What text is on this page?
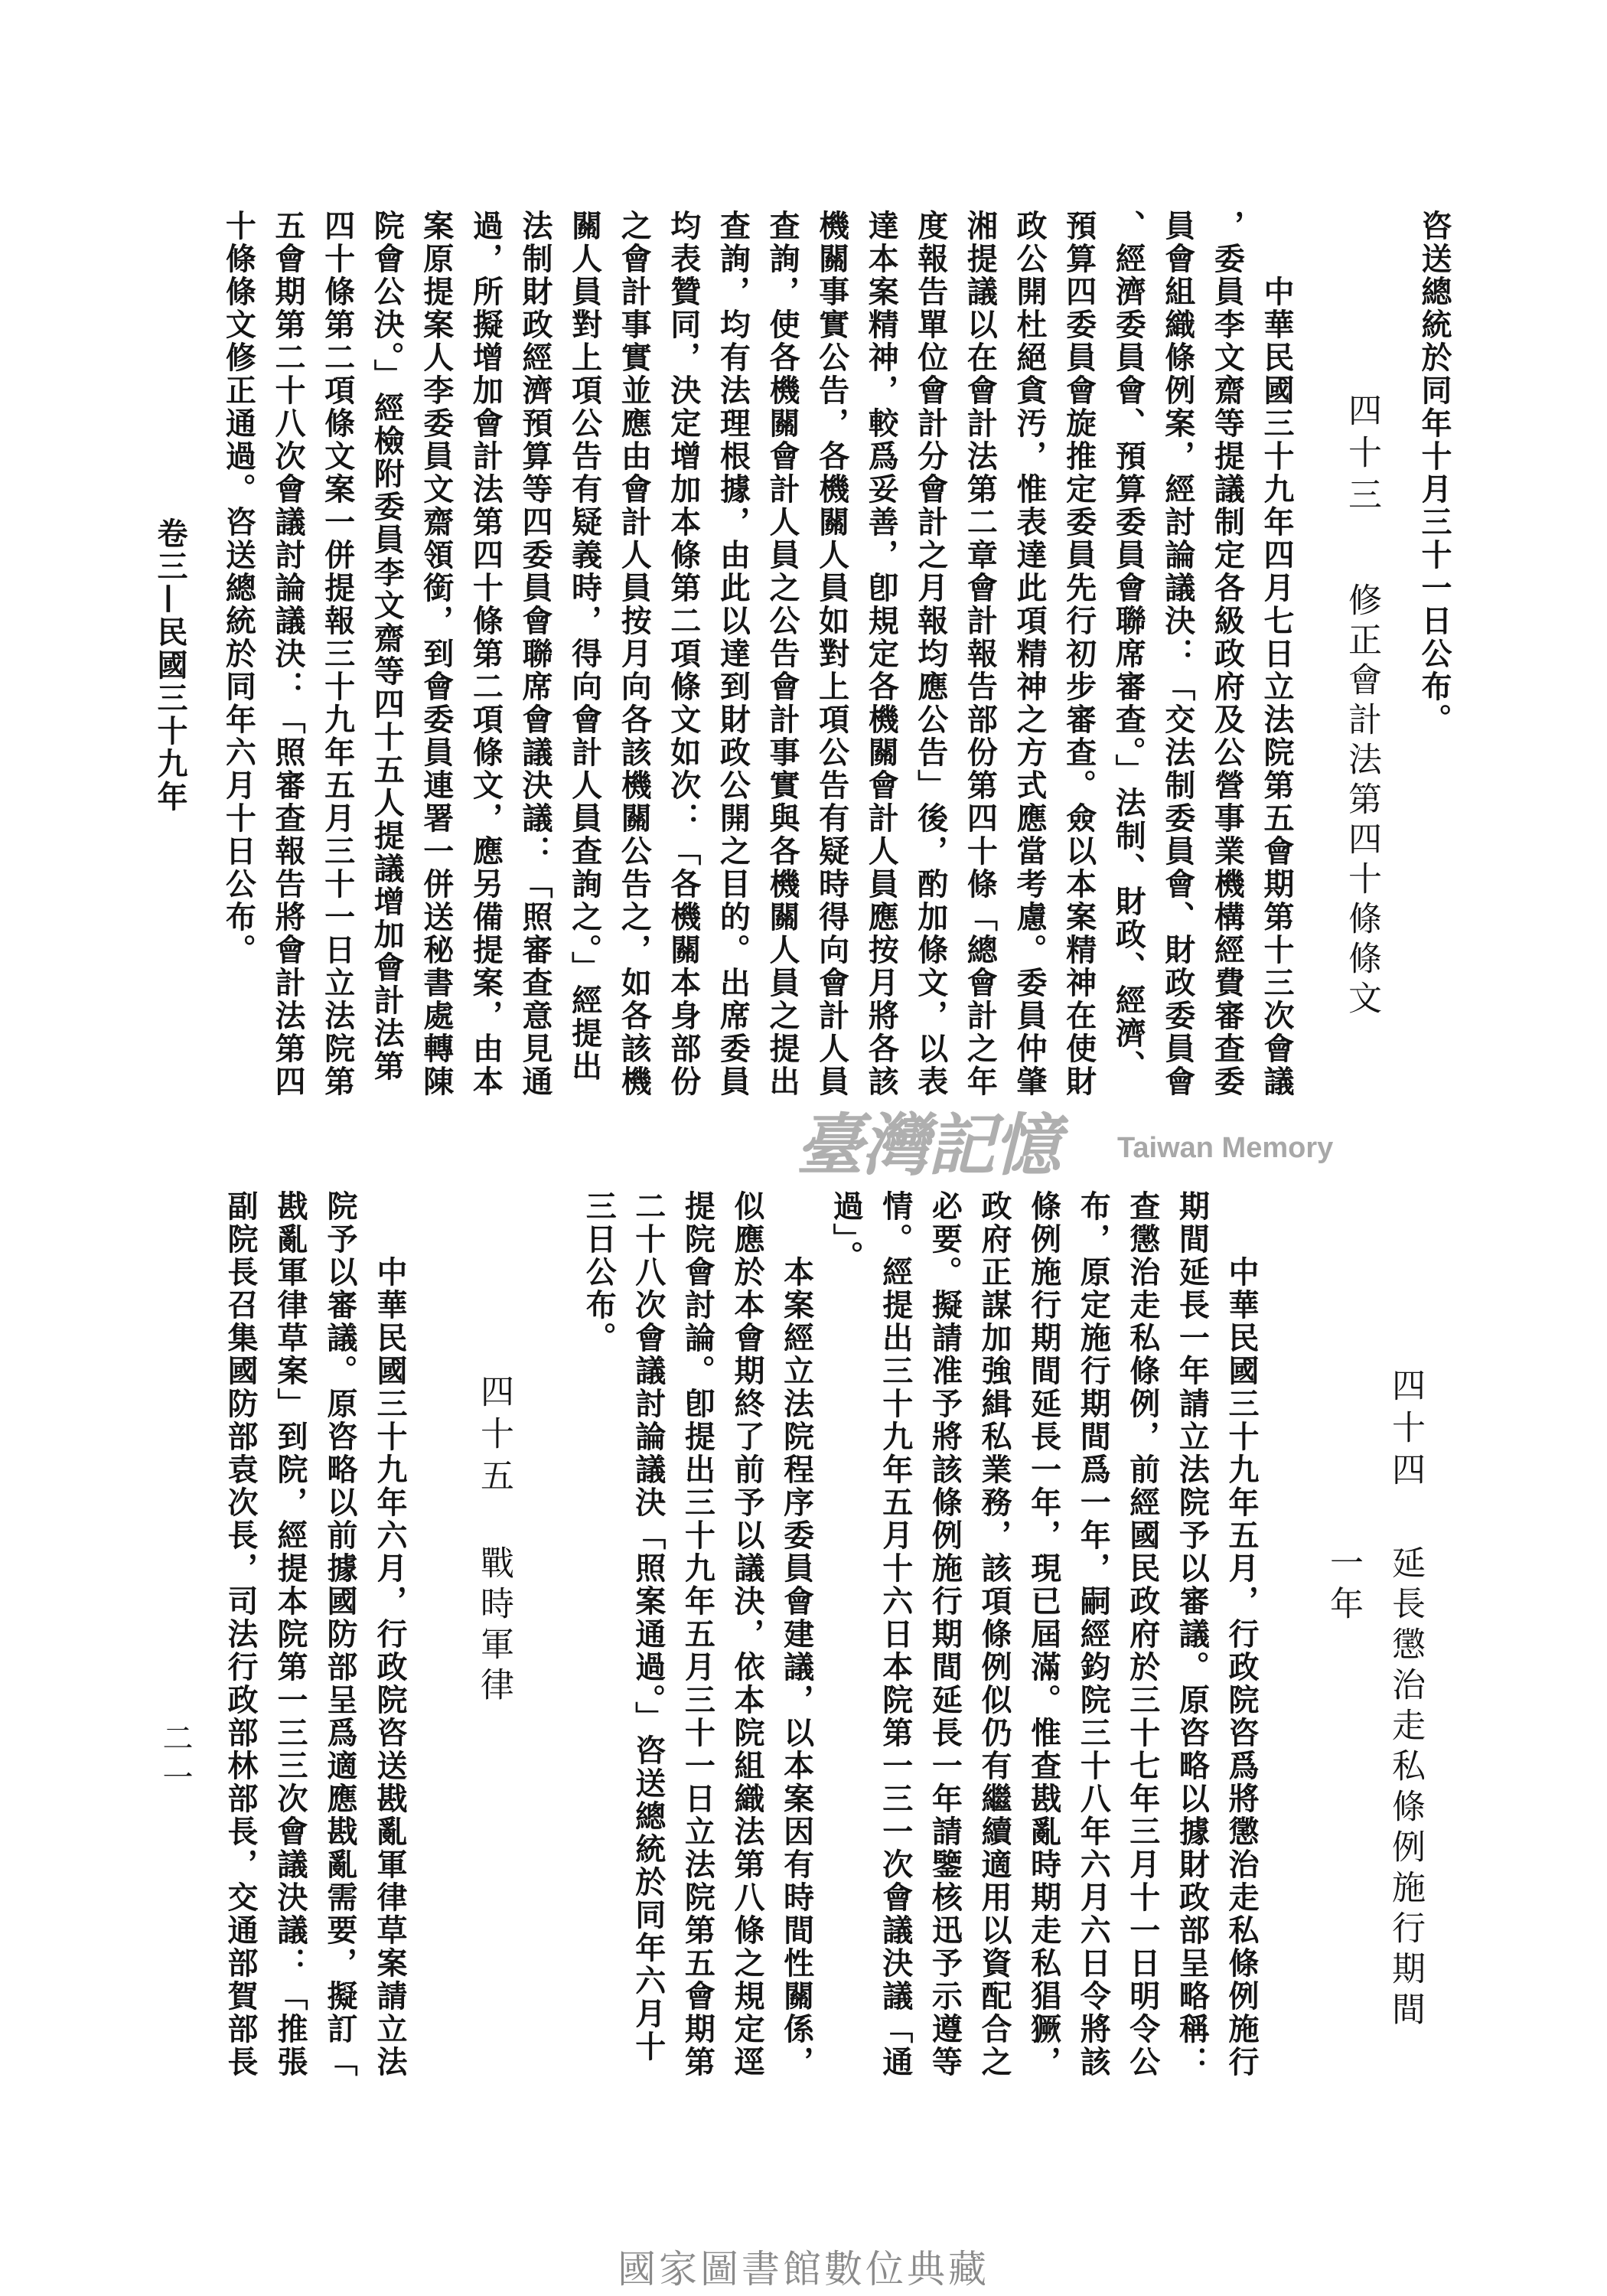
咨送總統於同年十月三十一日公布。
四十三
修正會計法第四十條條文
　　中華民國三十九年四月七日立法院第五會期第十三次會議
，委員李文齋等提議制定各級政府及公營事業機構經費審查委
員會組織條例案，經討論議決：「交法制委員會、財政委員會
、經濟委員會、預算委員會聯席審查。」法制、財政、經濟、
預算四委員會旋推定委員先行初步審查。僉以本案精神在使財
政公開杜絕貪汚，惟表達此項精神之方式應當考慮。委員仲肇
湘提議以在會計法第二章會計報告部份第四十條「總會計之年
度報告單位會計分會計之月報均應公告」後，酌加條文，以表
達本案精神，較爲妥善，卽規定各機關會計人員應按月將各該
機關事實公告，各機關人員如對上項公告有疑時得向會計人員
查詢，使各機關會計人員之公告會計事實與各機關人員之提出
查詢，均有法理根據，由此以達到財政公開之目的。出席委員
均表贊同，決定增加本條第二項條文如次：「各機關本身部份
之會計事實並應由會計人員按月向各該機關公告之，如各該機
關人員對上項公告有疑義時，得向會計人員查詢之。」經提出
法制財政經濟預算等四委員會聯席會議決議：「照審查意見通
過，所擬增加會計法第四十條第二項條文，應另備提案，由本
案原提案人李委員文齋領銜，到會委員連署一併送秘書處轉陳
院會公決。」經檢附委員李文齋等四十五人提議增加會計法第
四十條第二項條文案一併提報三十九年五月三十一日立法院第
五會期第二十八次會議討論議決：「照審查報告將會計法第四
十條條文修正通過。咨送總統於同年六月十日公布。
卷三—民國三十九年
四十四
延長懲治走私條例施行期間
一年
　　中華民國三十九年五月，行政院咨爲將懲治走私條例施行
期間延長一年請立法院予以審議。原咨略以據財政部呈略稱：
查懲治走私條例，前經國民政府於三十七年三月十一日明令公
布，原定施行期間爲一年，嗣經鈞院三十八年六月六日令將該
條例施行期間延長一年，現已屆滿。惟查戡亂時期走私猖獗，
政府正謀加強緝私業務，該項條例似仍有繼續適用以資配合之
必要。擬請准予將該條例施行期間延長一年請鑒核迅予示遵等
情。經提出三十九年五月十六日本院第一三一次會議決議「通
過」。
　　本案經立法院程序委員會建議，以本案因有時間性關係，
似應於本會期終了前予以議決，依本院組織法第八條之規定逕
提院會討論。卽提出三十九年五月三十一日立法院第五會期第
二十八次會議討論議決「照案通過。」咨送總統於同年六月十
三日公布。
四十五
戰時軍律
　　中華民國三十九年六月，行政院咨送戡亂軍律草案請立法
院予以審議。原咨略以前據國防部呈爲適應戡亂需要，擬訂「
戡亂軍律草案」到院，經提本院第一三三次會議決議：「推張
副院長召集國防部袁次長，司法行政部林部長，交通部賀部長
二一
臺灣記憶 Taiwan Memory
國家圖書館數位典藏
